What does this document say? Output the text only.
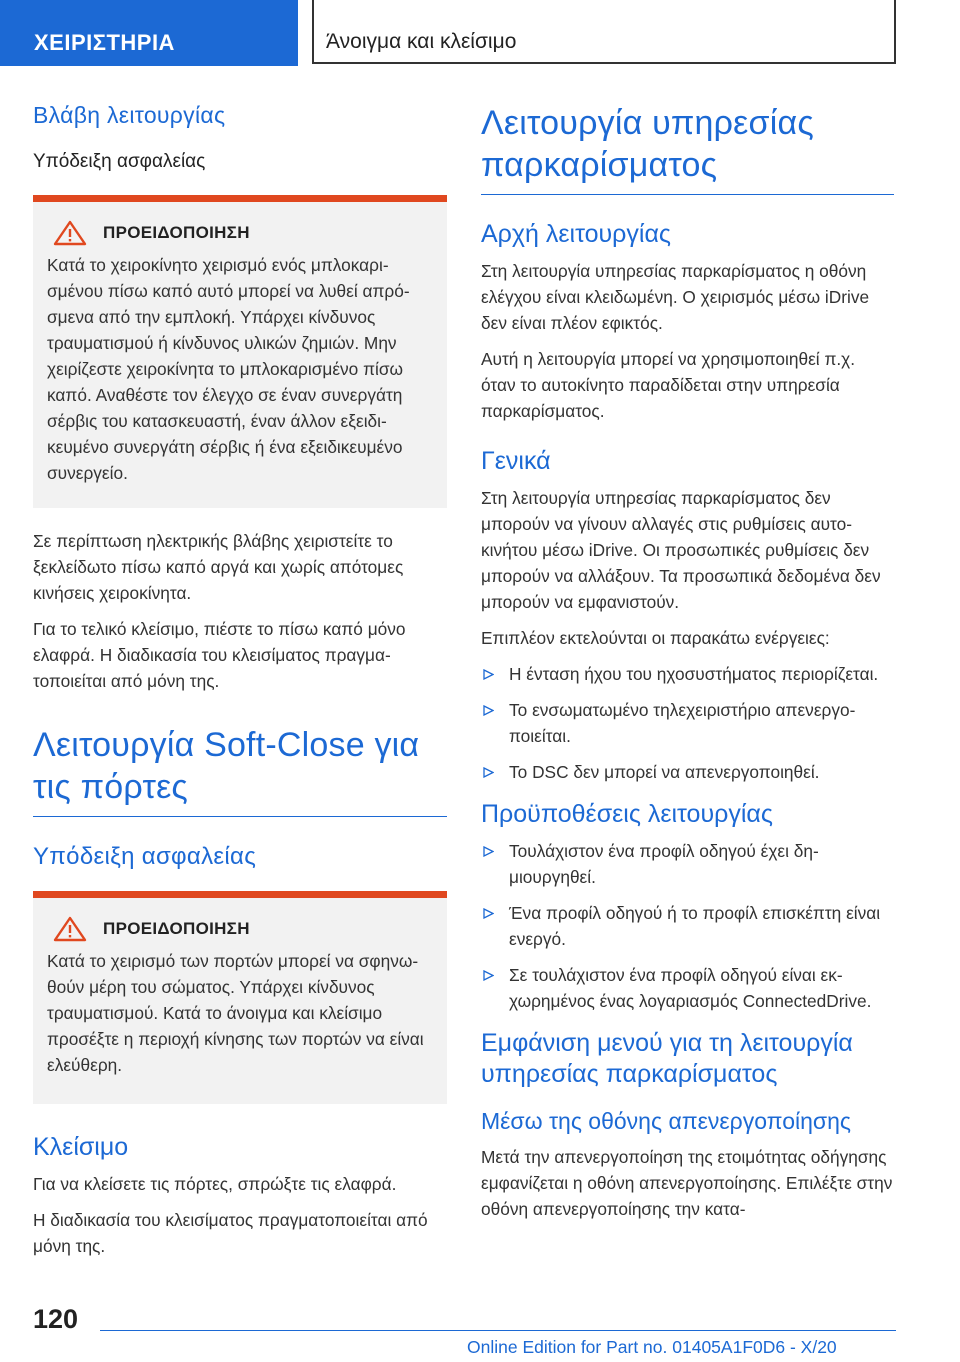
ΧΕΙΡΙΣΤΗΡΙΑ	Άνοιγμα και κλείσιμο
Βλάβη λειτουργίας
Υπόδειξη ασφαλείας
ΠΡΟΕΙΔΟΠΟΙΗΣΗ
Κατά το χειροκίνητο χειρισμό ενός μπλοκαρισμένου πίσω καπό αυτό μπορεί να λυθεί απρόσμενα από την εμπλοκή. Υπάρχει κίνδυνος τραυματισμού ή κίνδυνος υλικών ζημιών. Μην χειρίζεστε χειροκίνητα το μπλοκαρισμένο πίσω καπό. Αναθέστε τον έλεγχο σε έναν συνεργάτη σέρβις του κατασκευαστή, έναν άλλον εξειδικευμένο συνεργάτη σέρβις ή ένα εξειδικευμένο συνεργείο.

Σε περίπτωση ηλεκτρικής βλάβης χειριστείτε το ξεκλείδωτο πίσω καπό αργά και χωρίς απότομες κινήσεις χειροκίνητα.

Για το τελικό κλείσιμο, πιέστε το πίσω καπό μόνο ελαφρά. Η διαδικασία του κλεισίματος πραγματοποιείται από μόνη της.

Λειτουργία Soft-Close για τις πόρτες
Υπόδειξη ασφαλείας
ΠΡΟΕΙΔΟΠΟΙΗΣΗ
Κατά το χειρισμό των πορτών μπορεί να σφηνωθούν μέρη του σώματος. Υπάρχει κίνδυνος τραυματισμού. Κατά το άνοιγμα και κλείσιμο προσέξτε η περιοχή κίνησης των πορτών να είναι ελεύθερη.
Κλείσιμο

Για να κλείσετε τις πόρτες, σπρώξτε τις ελαφρά.

Η διαδικασία του κλεισίματος πραγματοποιείται από μόνη της.

Λειτουργία υπηρεσίας παρκαρίσματος
Αρχή λειτουργίας

Στη λειτουργία υπηρεσίας παρκαρίσματος η οθόνη ελέγχου είναι κλειδωμένη. Ο χειρισμός μέσω iDrive δεν είναι πλέον εφικτός.

Αυτή η λειτουργία μπορεί να χρησιμοποιηθεί π.χ. όταν το αυτοκίνητο παραδίδεται στην υπηρεσία παρκαρίσματος.

Γενικά

Στη λειτουργία υπηρεσίας παρκαρίσματος δεν μπορούν να γίνουν αλλαγές στις ρυθμίσεις αυτοκινήτου μέσω iDrive. Οι προσωπικές ρυθμίσεις δεν μπορούν να αλλάξουν. Τα προσωπικά δεδομένα δεν μπορούν να εμφανιστούν.

Επιπλέον εκτελούνται οι παρακάτω ενέργειες:

Η ένταση ήχου του ηχοσυστήματος περιορίζεται.
Το ενσωματωμένο τηλεχειριστήριο απενεργοποιείται.
Το DSC δεν μπορεί να απενεργοποιηθεί.
Προϋποθέσεις λειτουργίας
Τουλάχιστον ένα προφίλ οδηγού έχει δημιουργηθεί.
Ένα προφίλ οδηγού ή το προφίλ επισκέπτη είναι ενεργό.
Σε τουλάχιστον ένα προφίλ οδηγού είναι εκχωρημένος ένας λογαριασμός ConnectedDrive.
Εμφάνιση μενού για τη λειτουργία υπηρεσίας παρκαρίσματος
Μέσω της οθόνης απενεργοποίησης

Μετά την απενεργοποίηση της ετοιμότητας οδήγησης εμφανίζεται η οθόνη απενεργοποίησης. Επιλέξτε στην οθόνη απενεργοποίησης την κατα-

120
Online Edition for Part no. 01405A1F0D6 - X/20
